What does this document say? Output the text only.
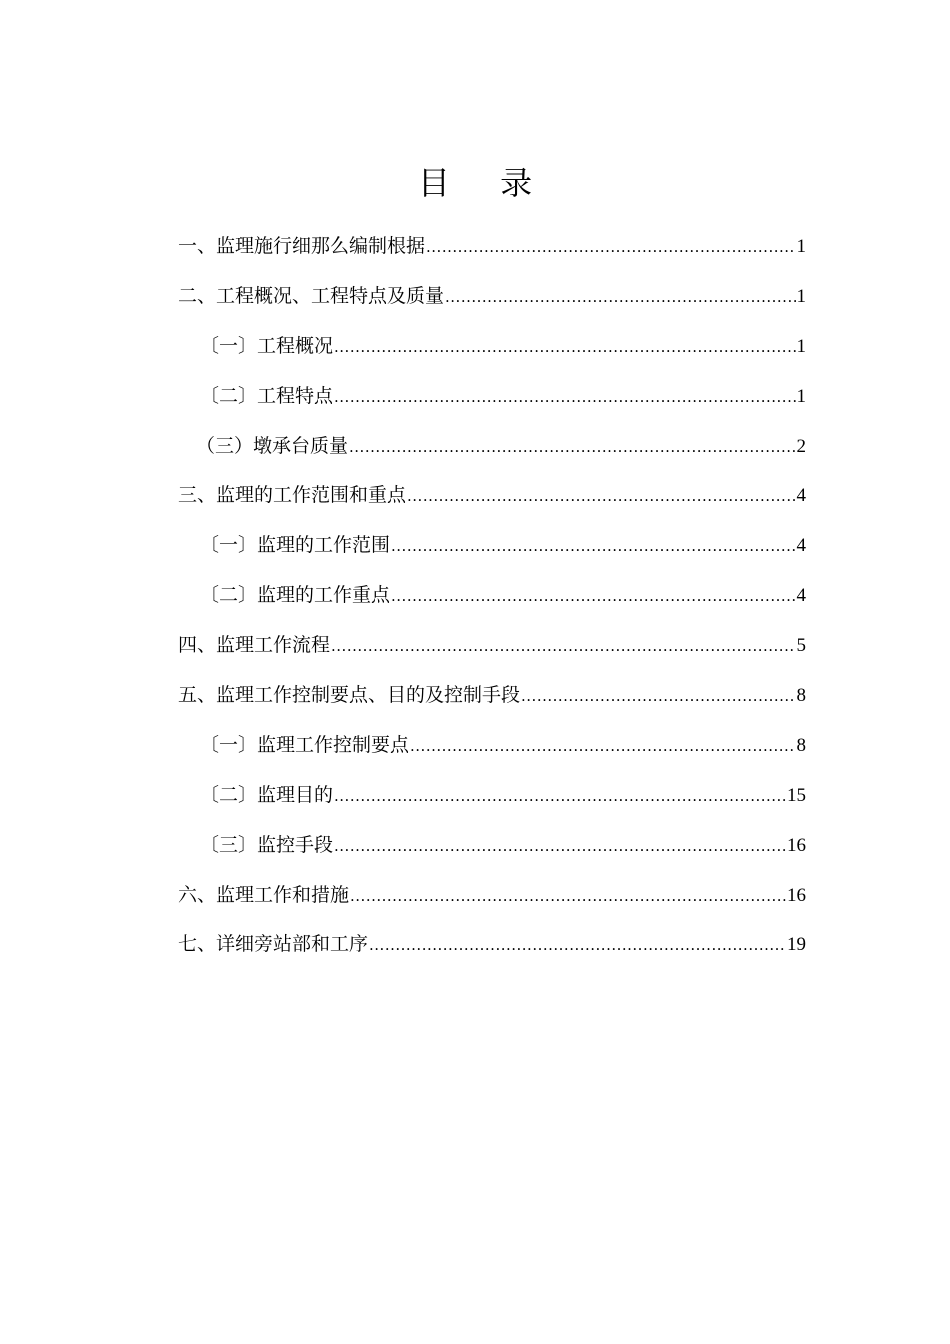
目 录
一、监理施行细那么编制根据 .....	1
二、工程概况、工程特点及质量 .....	1
〔一〕工程概况 .....	1
〔二〕工程特点 .....	1
（三）墩承台质量 .....	2
三、监理的工作范围和重点 .....	4
〔一〕监理的工作范围 .....	4
〔二〕监理的工作重点 .....	4
四、监理工作流程 .....	5
五、监理工作控制要点、目的及控制手段 .....	8
〔一〕监理工作控制要点 .....	8
〔二〕监理目的 .....	15
〔三〕监控手段 .....	16
六、监理工作和措施 .....	16
七、详细旁站部和工序 .....	19
